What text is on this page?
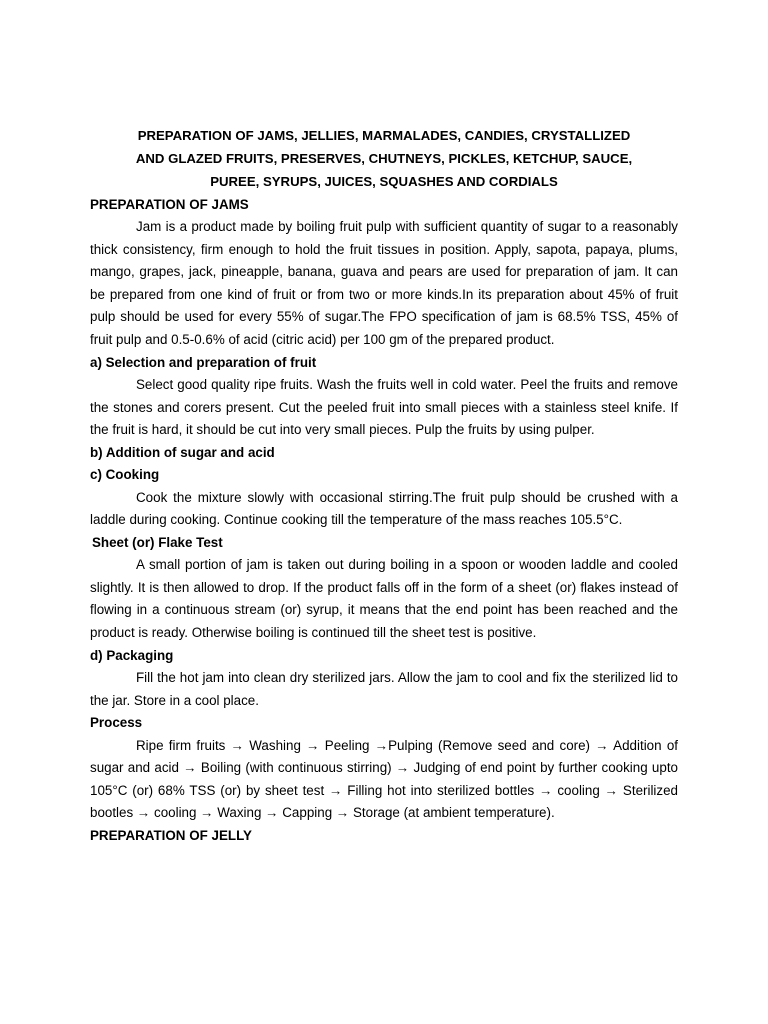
PREPARATION OF JAMS, JELLIES, MARMALADES, CANDIES, CRYSTALLIZED
AND GLAZED FRUITS, PRESERVES, CHUTNEYS, PICKLES, KETCHUP, SAUCE,
PUREE, SYRUPS, JUICES, SQUASHES AND CORDIALS

PREPARATION OF JAMS

Jam is a product made by boiling fruit pulp with sufficient quantity of sugar to a reasonably thick consistency, firm enough to hold the fruit tissues in position. Apply, sapota, papaya, plums, mango, grapes, jack, pineapple, banana, guava and pears are used for preparation of jam. It can be prepared from one kind of fruit or from two or more kinds.In its preparation about 45% of fruit pulp should be used for every 55% of sugar.The FPO specification of jam is 68.5% TSS, 45% of fruit pulp and 0.5-0.6% of acid (citric acid) per 100 gm of the prepared product.

a) Selection and preparation of fruit

Select good quality ripe fruits. Wash the fruits well in cold water. Peel the fruits and remove the stones and corers present. Cut the peeled fruit into small pieces with a stainless steel knife. If the fruit is hard, it should be cut into very small pieces. Pulp the fruits by using pulper.

b) Addition of sugar and acid

c) Cooking

Cook the mixture slowly with occasional stirring.The fruit pulp should be crushed with a laddle during cooking. Continue cooking till the temperature of the mass reaches 105.5°C.

Sheet (or) Flake Test

A small portion of jam is taken out during boiling in a spoon or wooden laddle and cooled slightly. It is then allowed to drop. If the product falls off in the form of a sheet (or) flakes instead of flowing in a continuous stream (or) syrup, it means that the end point has been reached and the product is ready. Otherwise boiling is continued till the sheet test is positive.

d) Packaging

Fill the hot jam into clean dry sterilized jars. Allow the jam to cool and fix the sterilized lid to the jar. Store in a cool place.

Process

Ripe firm fruits → Washing → Peeling →Pulping (Remove seed and core) → Addition of sugar and acid → Boiling (with continuous stirring) → Judging of end point by further cooking upto 105°C (or) 68% TSS (or) by sheet test → Filling hot into sterilized bottles → cooling → Sterilized bootles → cooling → Waxing → Capping → Storage (at ambient temperature).

PREPARATION OF JELLY
